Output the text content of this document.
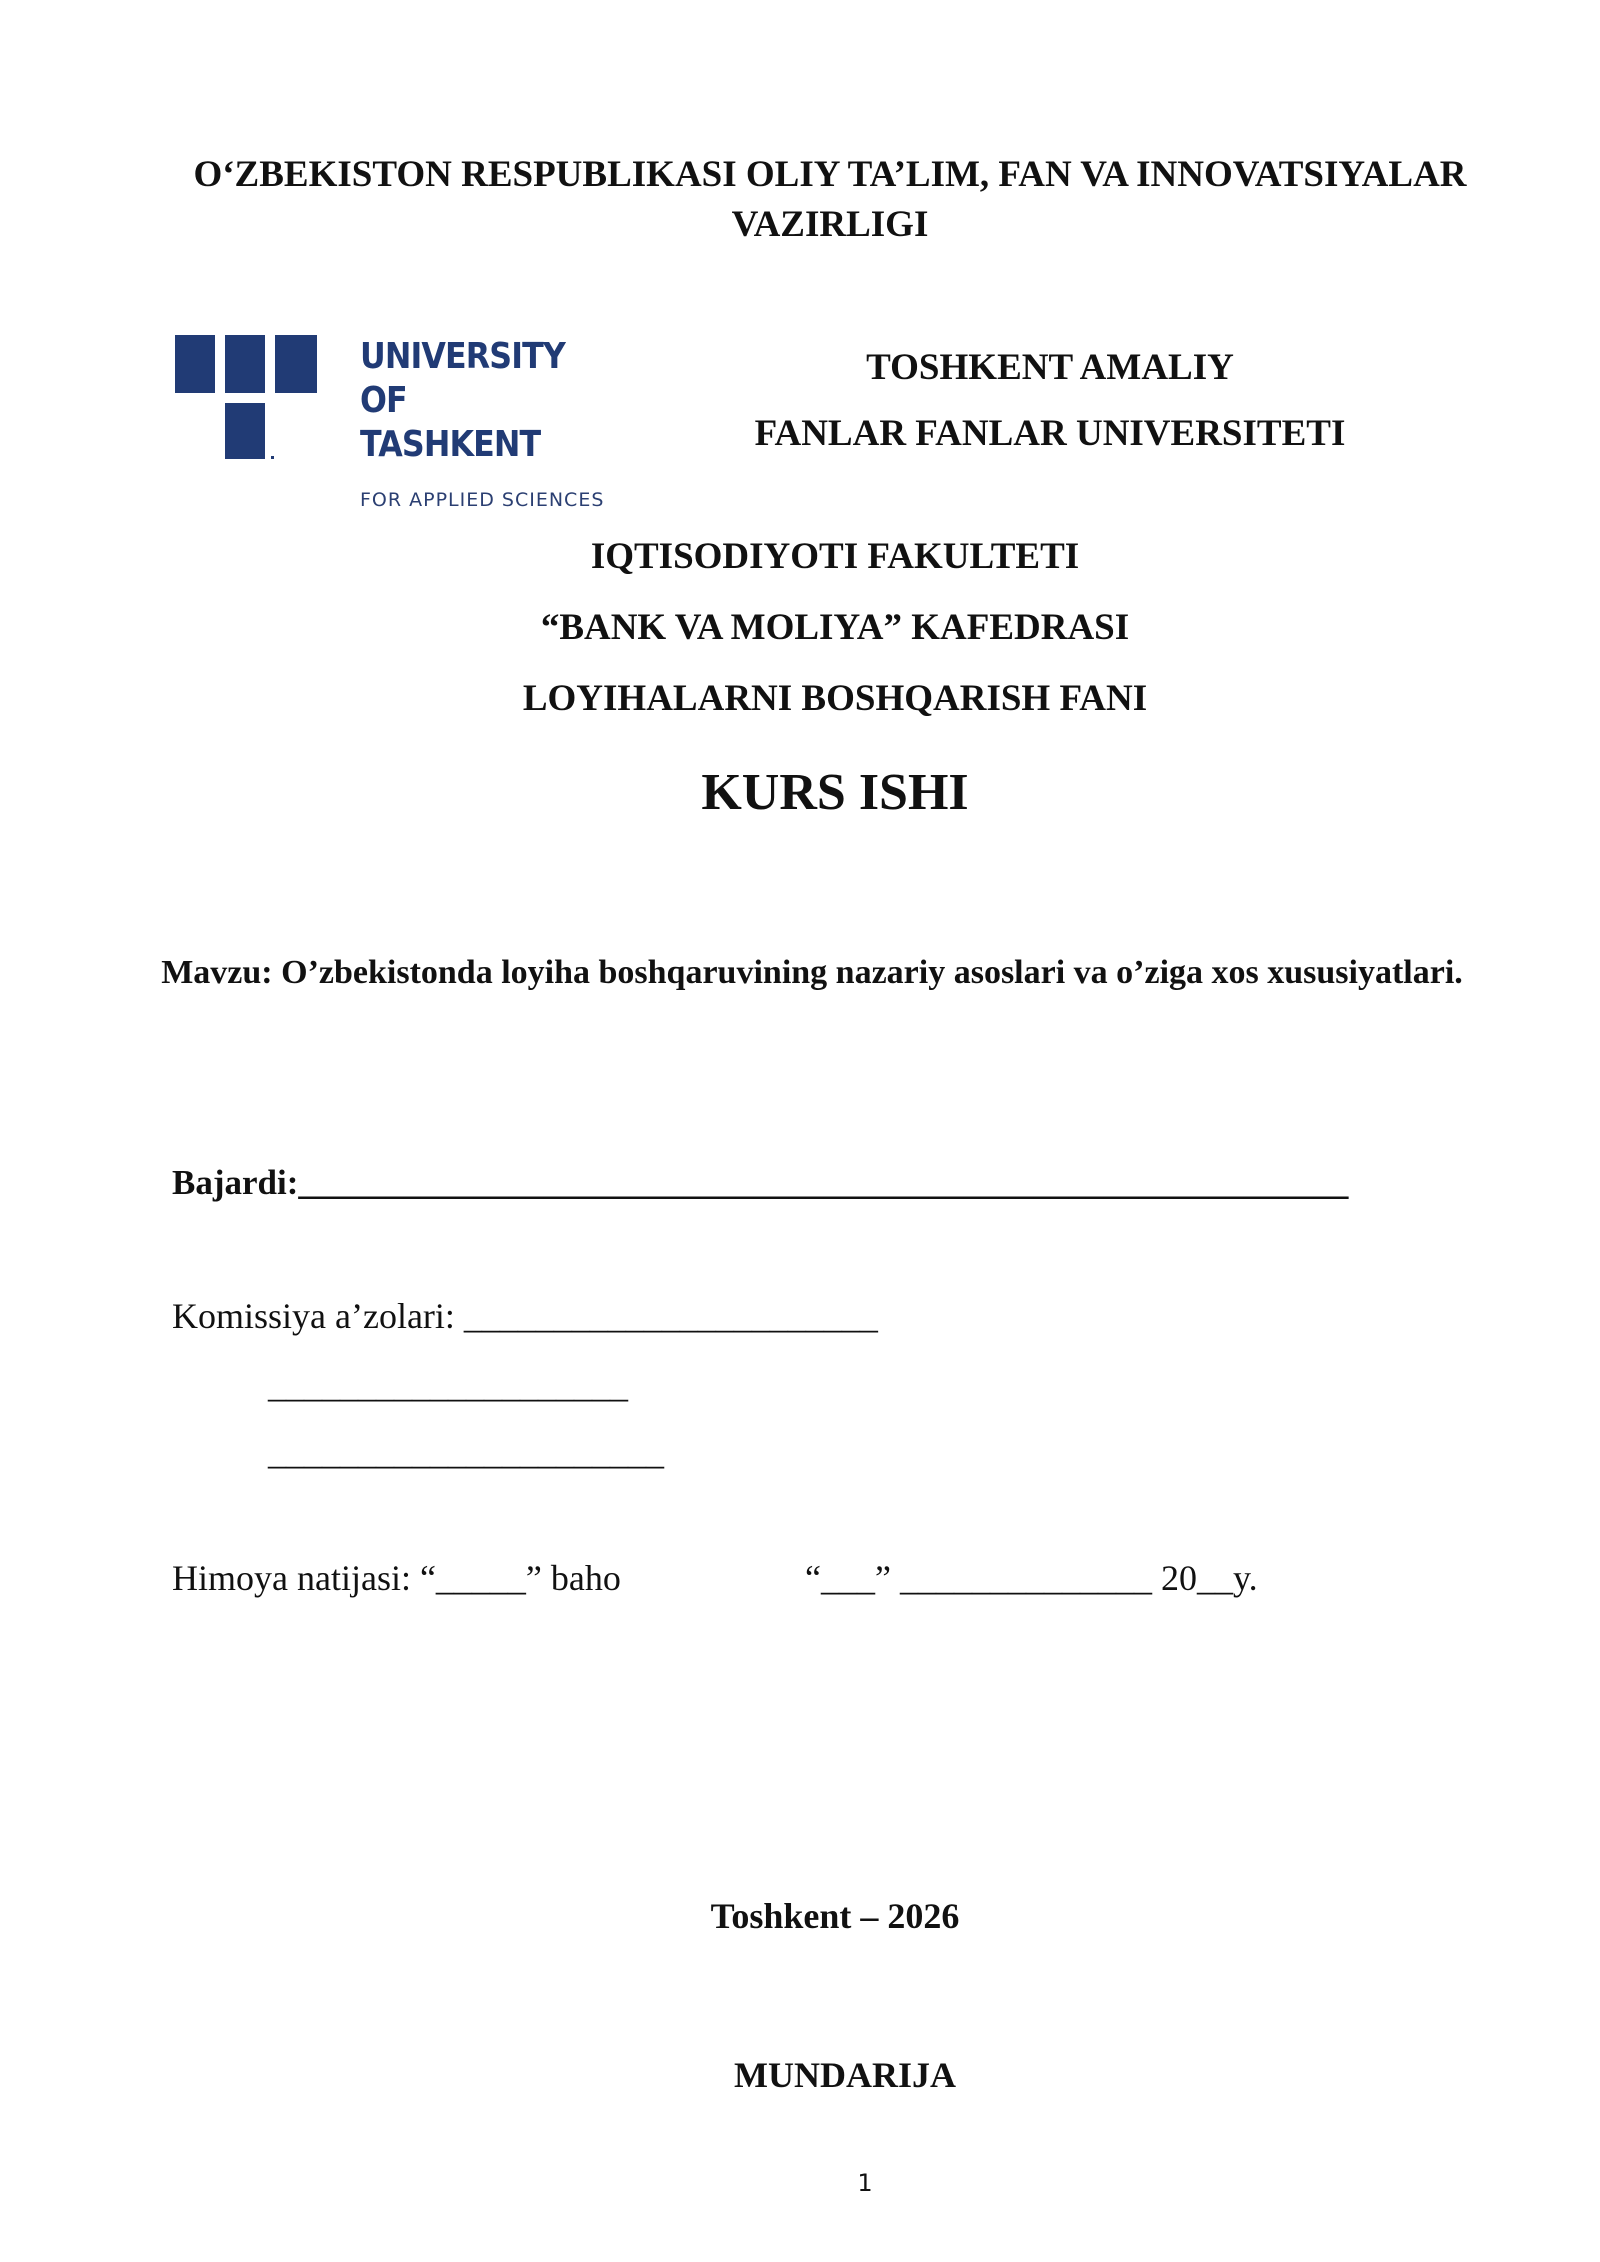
O‘ZBEKISTON RESPUBLIKASI OLIY TA’LIM, FAN VA INNOVATSIYALAR
VAZIRLIGI
UNIVERSITY
OF TASHKENT
FOR APPLIED SCIENCES
TOSHKENT AMALIY
FANLAR FANLAR UNIVERSITETI
IQTISODIYOTI FAKULTETI
“BANK VA MOLIYA” KAFEDRASI
LOYIHALARNI BOSHQARISH FANI
KURS ISHI
Mavzu: O’zbekistonda loyiha boshqaruvining nazariy asoslari va o’ziga xos xususiyatlari.
Bajardi:____________________________________________________________
Komissiya a’zolari: _______________________
____________________
______________________
Himoya natijasi: “_____” baho	“___” ______________ 20__y.
Toshkent – 2026
MUNDARIJA
1
